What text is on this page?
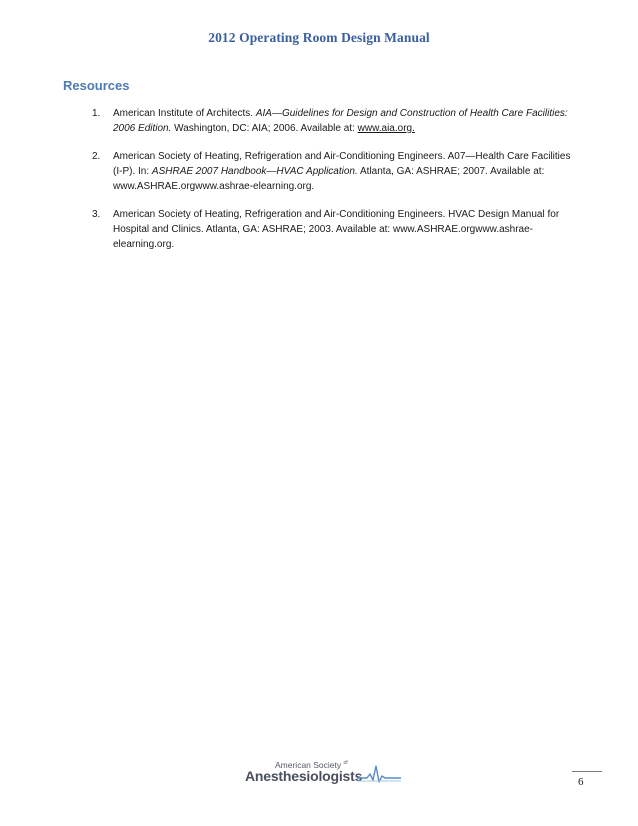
2012 Operating Room Design Manual
Resources
1. American Institute of Architects. AIA—Guidelines for Design and Construction of Health Care Facilities: 2006 Edition. Washington, DC: AIA; 2006. Available at: www.aia.org.
2. American Society of Heating, Refrigeration and Air-Conditioning Engineers. A07—Health Care Facilities (I-P). In: ASHRAE 2007 Handbook—HVAC Application. Atlanta, GA: ASHRAE; 2007. Available at: www.ASHRAE.orgwww.ashrae-elearning.org.
3. American Society of Heating, Refrigeration and Air-Conditioning Engineers. HVAC Design Manual for Hospital and Clinics. Atlanta, GA: ASHRAE; 2003. Available at: www.ASHRAE.orgwww.ashrae-elearning.org.
American Society $^{of}$
Anesthesiologists	6
